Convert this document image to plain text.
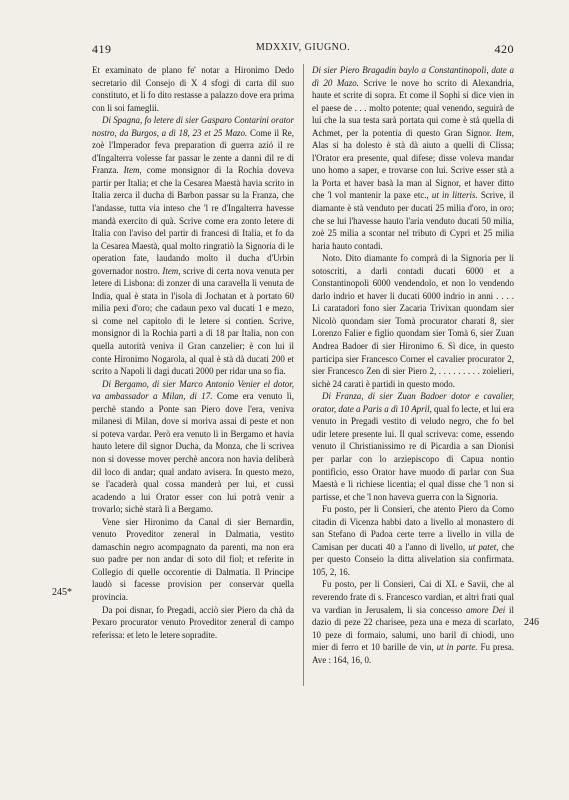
419	MDXXIV, GIUGNO.	420
245*
246

Et examinato de plano fe' notar a Hironimo Dedo secretario dil Consejo di X 4 sfogi di carta dil suo constituto, et li fo dito restasse a palazzo dove era prima con li soi fameglii.

Di Spagna, fo letere di sier Gasparo Contarini orator nostro, da Burgos, a dì 18, 23 et 25 Mazo. Come il Re, zoè l'Imperador feva preparation di guerra azió il re d'Ingalterra volesse far passar le zente a danni dil re di Franza. Item, come monsignor di la Rochia doveva partir per Italia; et che la Cesarea Maestà havia scrito in Italia zerca il ducha di Barbon passar su la Franza, che l'andasse, tutta via inteso che 'l re d'Ingalterra havesse mandà exercito di quà. Scrive come era zonto letere di Italia con l'aviso del partir di francesi di Italia, et fo da la Cesarea Maestà, qual molto ringratiò la Signoria di le operation fate, laudando molto il ducha d'Urbin governador nostro. Item, scrive di certa nova venuta per letere di Lisbona: di zonzer di una caravella li venuta de India, qual è stata in l'isola di Jochatan et à portato 60 milia pexi d'oro; che cadaun pexo val ducati 1 e mezo, sì come nel capitolo di le letere si contien. Scrive, monsignor di la Rochia partì a dì 18 par Italia, non con quella autorità veniva il Gran canzelier; è con lui il conte Hironimo Nogarola, al qual è stà dà ducati 200 et scrito a Napoli li dagi ducati 2000 per ridar una so fia.

Di Bergamo, di sier Marco Antonio Venier el dotor, va ambassador a Milan, di 17. Come era venuto lì, perchè stando a Ponte san Piero dove l'era, veniva milanesi di Milan, dove si moriva assai di peste et non si poteva vardar. Però era venuto lì in Bergamo et havia hauto letere dil signor Ducha, da Monza, che li scrivea non si dovesse mover perchè ancora non havia deliberà dil loco di andar; qual andato avisera. In questo mezo, se l'acaderà qual cossa manderà per lui, et cussì acadendo a lui Orator esser con lui potrà venir a trovarlo; sichè starà lì a Bergamo.

Vene sier Hironimo da Canal di sier Bernardin, venuto Proveditor zeneral in Dalmatia, vestito damaschin negro acompagnato da parenti, ma non era suo padre per non andar di soto dil fiol; et referite in Collegio di quelle occorentie di Dalmatia. Il Principe laudò si facesse provision per conservar quella provincia.

Da poi disnar, fo Pregadi, acciò sier Piero da chà da Pexaro procurator venuto Proveditor zeneral di campo referissa: et leto le letere sopradite.

Di sier Piero Bragadin baylo a Constantinopoli, date a dì 20 Mazo. Scrive le nove ho scrito di Alexandria, haute et scrite di sopra. Et come il Sophì si dice vien in el paese de . . . molto potente; qual venendo, seguirà de lui che la sua testa sarà portata qui come è stà quella di Achmet, per la potentia di questo Gran Signor. Item, Alas si ha dolesto è stà dà aiuto a quelli di Clissa; l'Orator era presente, qual difese; disse voleva mandar uno homo a saper, e trovarse con lui. Scrive esser stà a la Porta et haver basà la man al Signor, et haver ditto che 'l vol mantenir la paxe etc., ut in litteris. Scrive, il diamante è stà venduto per ducati 25 milia d'oro, in oro; che se lui l'havesse hauto l'aria venduto ducati 50 milia, zoè 25 milia a scontar nel tributo di Cypri et 25 milia haria hauto contadi.

Noto. Dito diamante fo comprà di la Signoria per li sotoscriti, a darli contadi ducati 6000 et a Constantinopoli 6000 vendendolo, et non lo vendendo darlo indrio et haver li ducati 6000 indrio in anni . . . . Li caratadori fono sier Zacaria Trivixan quondam sier Nicolò quondam sier Tomà procurator charati 8, sier Lorenzo Falier e figlio quondam sier Tomà 6, sier Zuan Andrea Badoer di sier Hironimo 6. Sì dice, in questo participa sier Francesco Corner el cavalier procurator 2, sier Francesco Zen di sier Piero 2, . . . . . . . . . zoielieri, sichè 24 carati è partidi in questo modo.

Di Franza, di sier Zuan Badoer dotor e cavalier, orator, date a Paris a dì 10 April, qual fo lecte, et lui era venuto in Pregadi vestito di veludo negro, che fo bel udir letere presente lui. Il qual scriveva: come, essendo venuto il Christianissimo re di Picardia a san Dionisi per parlar con lo arziepiscopo di Capua nontio pontificio, esso Orator have muodo di parlar con Sua Maestà e li richiese licentia; el qual disse che 'l non si partisse, et che 'l non haveva guerra con la Signoria.

Fu posto, per li Consieri, che atento Piero da Como citadin di Vicenza habbi dato a livello al monastero di san Stefano di Padoa certe terre a livello in villa de Camisan per ducati 40 a l'anno di livello, ut patet, che per questo Conseio la ditta alivelation sia confirmata. 105, 2, 16.

Fu posto, per li Consieri, Cai di XL e Savii, che al reverendo frate di s. Francesco vardian, et altri frati qual va vardian in Jerusalem, li sia concesso amore Dei il dazio di peze 22 charisee, peza una e meza di scarlato, 10 peze di formaio, salumi, uno baril di chiodi, uno mier di ferro et 10 barille de vin, ut in parte. Fu presa. Ave : 164, 16, 0.
